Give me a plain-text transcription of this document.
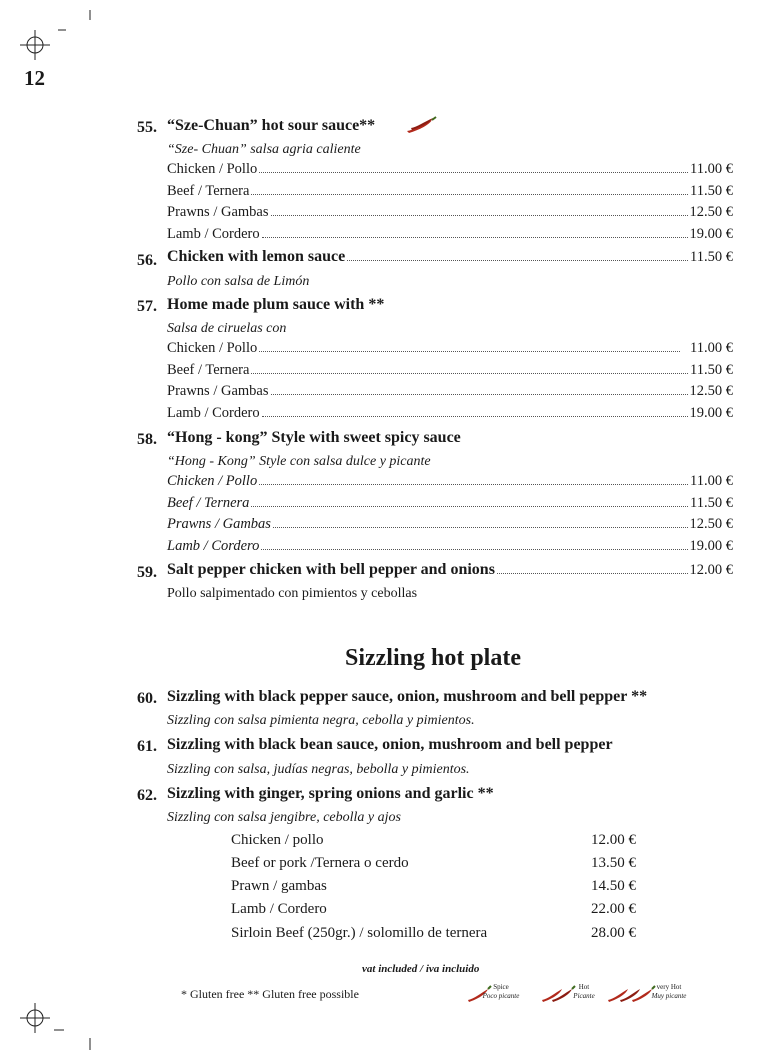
12
55. “Sze-Chuan” hot sour sauce**
“Sze- Chuan” salsa agria caliente
Chicken / Pollo	11.00 €
Beef / Ternera	11.50 €
Prawns / Gambas	12.50 €
Lamb / Cordero	19.00 €
56. Chicken with lemon sauce	11.50 €
Pollo con salsa de Limón
57. Home made plum sauce with **
Salsa de ciruelas con
Chicken / Pollo	11.00 €
Beef / Ternera	11.50 €
Prawns / Gambas	12.50 €
Lamb / Cordero	19.00 €
58. “Hong - kong” Style with sweet spicy sauce
“Hong - Kong” Style con salsa dulce y picante
Chicken / Pollo	11.00 €
Beef / Ternera	11.50 €
Prawns / Gambas	12.50 €
Lamb / Cordero	19.00 €
59. Salt pepper chicken with bell pepper and onions	12.00 €
Pollo salpimentado con pimientos y cebollas
Sizzling hot plate
60. Sizzling with black pepper sauce, onion, mushroom and bell pepper **
Sizzling con salsa pimienta negra, cebolla y pimientos.
61. Sizzling with black bean sauce, onion, mushroom and bell pepper
Sizzling con salsa, judías negras, bebolla y pimientos.
62. Sizzling with ginger, spring onions and garlic **
Sizzling con salsa jengibre, cebolla y ajos
Chicken / pollo	12.00 €
Beef or pork /Ternera o cerdo	13.50 €
Prawn / gambas	14.50 €
Lamb / Cordero	22.00 €
Sirloin Beef (250gr.) / solomillo de ternera	28.00 €
vat included / iva incluido
* Gluten free ** Gluten free possible	Spice
Poco picante
Hot
Picante
very Hot
Muy picante
